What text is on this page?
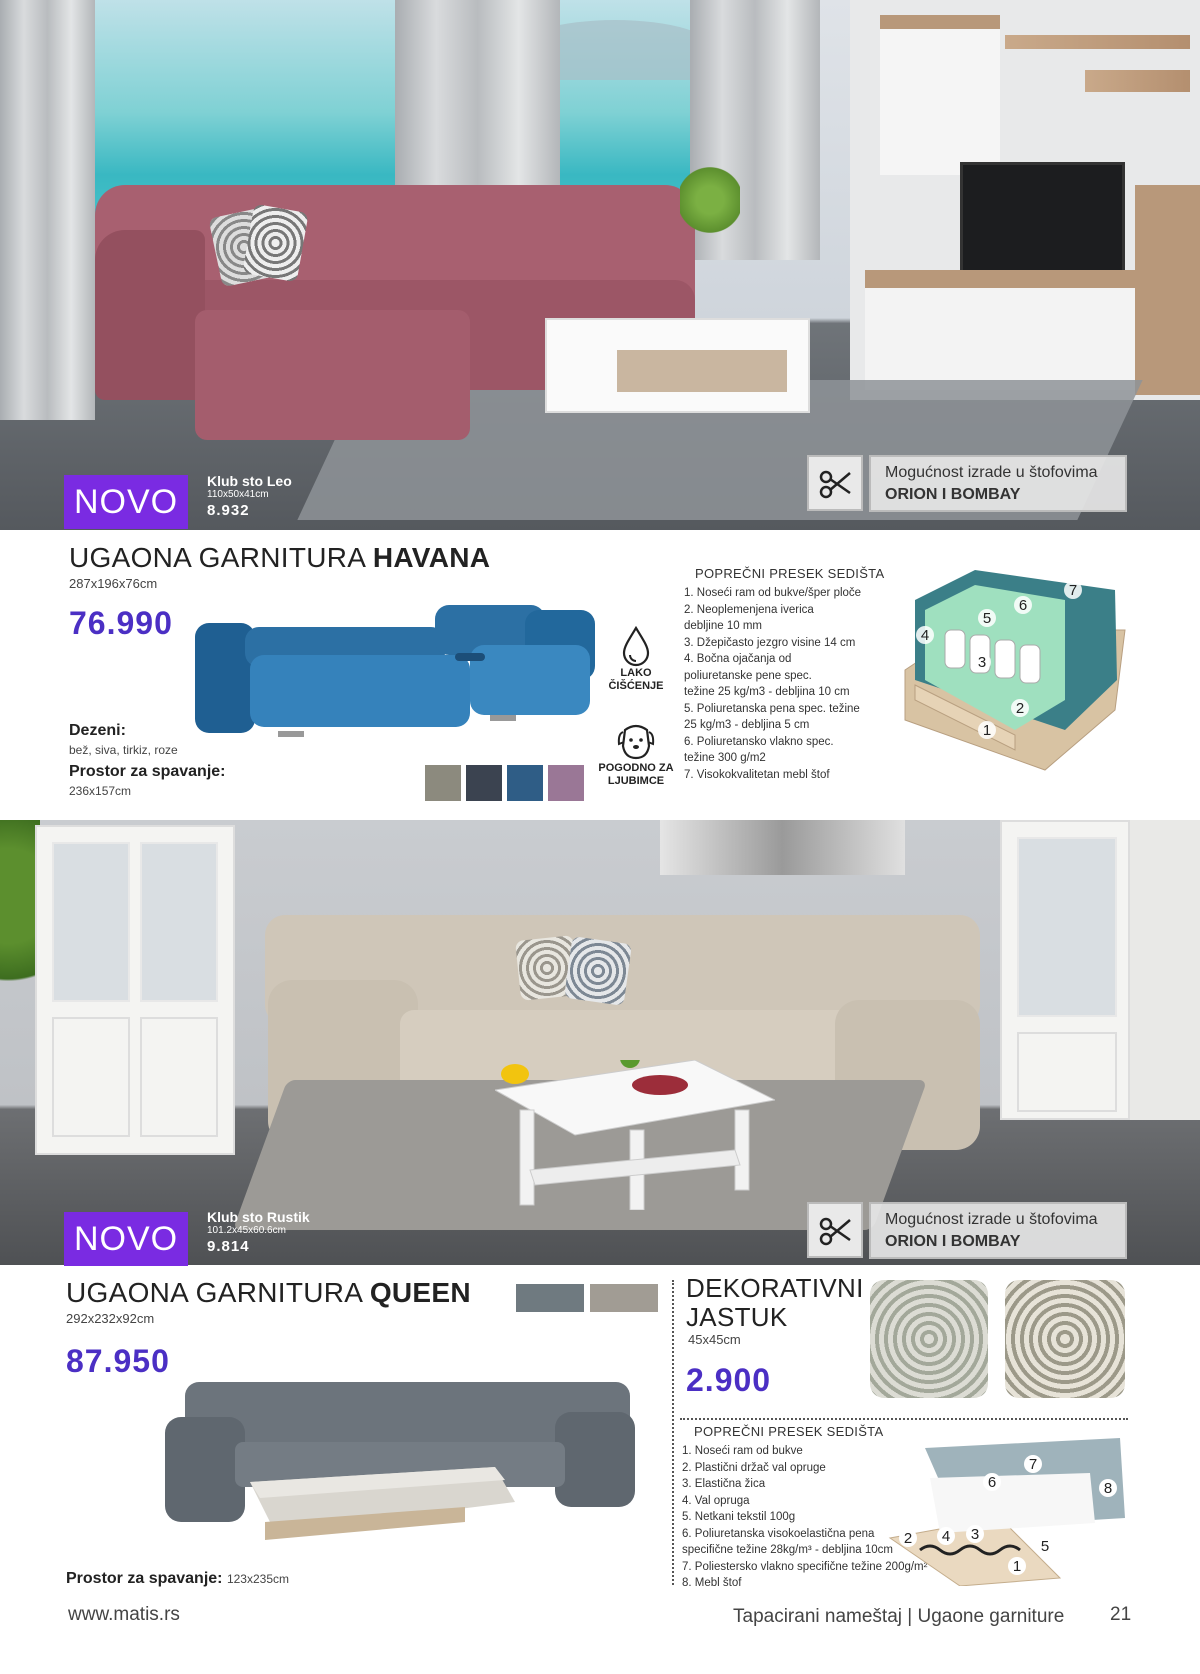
NOVO
Klub sto Leo
110x50x41cm
8.932
Mogućnost izrade u štofovima
ORION I BOMBAY
UGAONA GARNITURA HAVANA
287x196x76cm
76.990
Dezeni:
bež, siva, tirkiz, roze
Prostor za spavanje:
236x157cm
LAKO ČIŠĆENJE
POGODNO ZA LJUBIMCE
POPREČNI PRESEK SEDIŠTA
1. Noseći ram od bukve/šper ploče
2. Neoplemenjena iverica
debljine 10 mm
3. Džepičasto jezgro visine 14 cm
4. Bočna ojačanja od
poliuretanske pene spec.
težine 25 kg/m3 - debljina 10 cm
5. Poliuretanska pena spec. težine
25 kg/m3 - debljina 5 cm
6. Poliuretansko vlakno spec.
težine 300 g/m2
7. Visokokvalitetan mebl štof
1
2
3
4
5
6
7
NOVO
Klub sto Rustik
101.2x45x60.6cm
9.814
Mogućnost izrade u štofovima
ORION I BOMBAY
UGAONA GARNITURA QUEEN
292x232x92cm
87.950
Prostor za spavanje: 123x235cm
DEKORATIVNI
JASTUK
45x45cm
2.900
POPREČNI PRESEK SEDIŠTA
1. Noseći ram od bukve
2. Plastični držač val opruge
3. Elastična žica
4. Val opruga
5. Netkani tekstil 100g
6. Poliuretanska visokoelastična pena
specifične težine 28kg/m³ - debljina 10cm
7. Poliestersko vlakno specifične težine 200g/m²
8. Mebl štof
1
2	3
4
5
6
7
8
www.matis.rs	Tapacirani nameštaj | Ugaone garniture 21
